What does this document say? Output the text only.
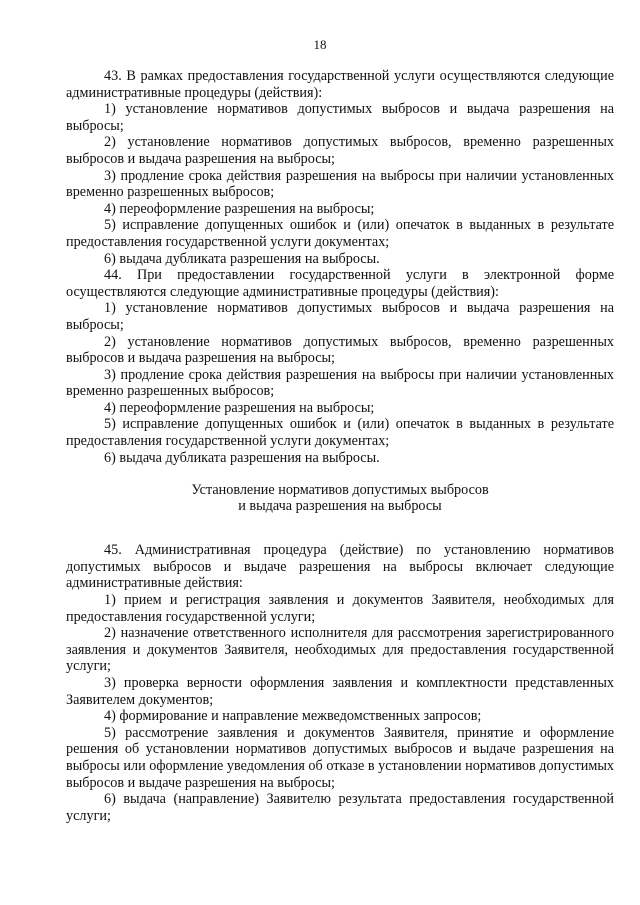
18

43. В рамках предоставления государственной услуги осуществляются следующие административные процедуры (действия):

1) установление нормативов допустимых выбросов и выдача разрешения на выбросы;

2) установление нормативов допустимых выбросов, временно разрешенных выбросов и выдача разрешения на выбросы;

3) продление срока действия разрешения на выбросы при наличии установленных временно разрешенных выбросов;

4) переоформление разрешения на выбросы;

5) исправление допущенных ошибок и (или) опечаток в выданных в результате предоставления государственной услуги документах;

6) выдача дубликата разрешения на выбросы.

44. При предоставлении государственной услуги в электронной форме осуществляются следующие административные процедуры (действия):

1) установление нормативов допустимых выбросов и выдача разрешения на выбросы;

2) установление нормативов допустимых выбросов, временно разрешенных выбросов и выдача разрешения на выбросы;

3) продление срока действия разрешения на выбросы при наличии установленных временно разрешенных выбросов;

4) переоформление разрешения на выбросы;

5) исправление допущенных ошибок и (или) опечаток в выданных в результате предоставления государственной услуги документах;

6) выдача дубликата разрешения на выбросы.

Установление нормативов допустимых выбросов
и выдача разрешения на выбросы

45. Административная процедура (действие) по установлению нормативов допустимых выбросов и выдаче разрешения на выбросы включает следующие административные действия:

1) прием и регистрация заявления и документов Заявителя, необходимых для предоставления государственной услуги;

2) назначение ответственного исполнителя для рассмотрения зарегистрированного заявления и документов Заявителя, необходимых для предоставления государственной услуги;

3) проверка верности оформления заявления и комплектности представленных Заявителем документов;

4) формирование и направление межведомственных запросов;

5) рассмотрение заявления и документов Заявителя, принятие и оформление решения об установлении нормативов допустимых выбросов и выдаче разрешения на выбросы или оформление уведомления об отказе в установлении нормативов допустимых выбросов и выдаче разрешения на выбросы;

6) выдача (направление) Заявителю результата предоставления государственной услуги;
